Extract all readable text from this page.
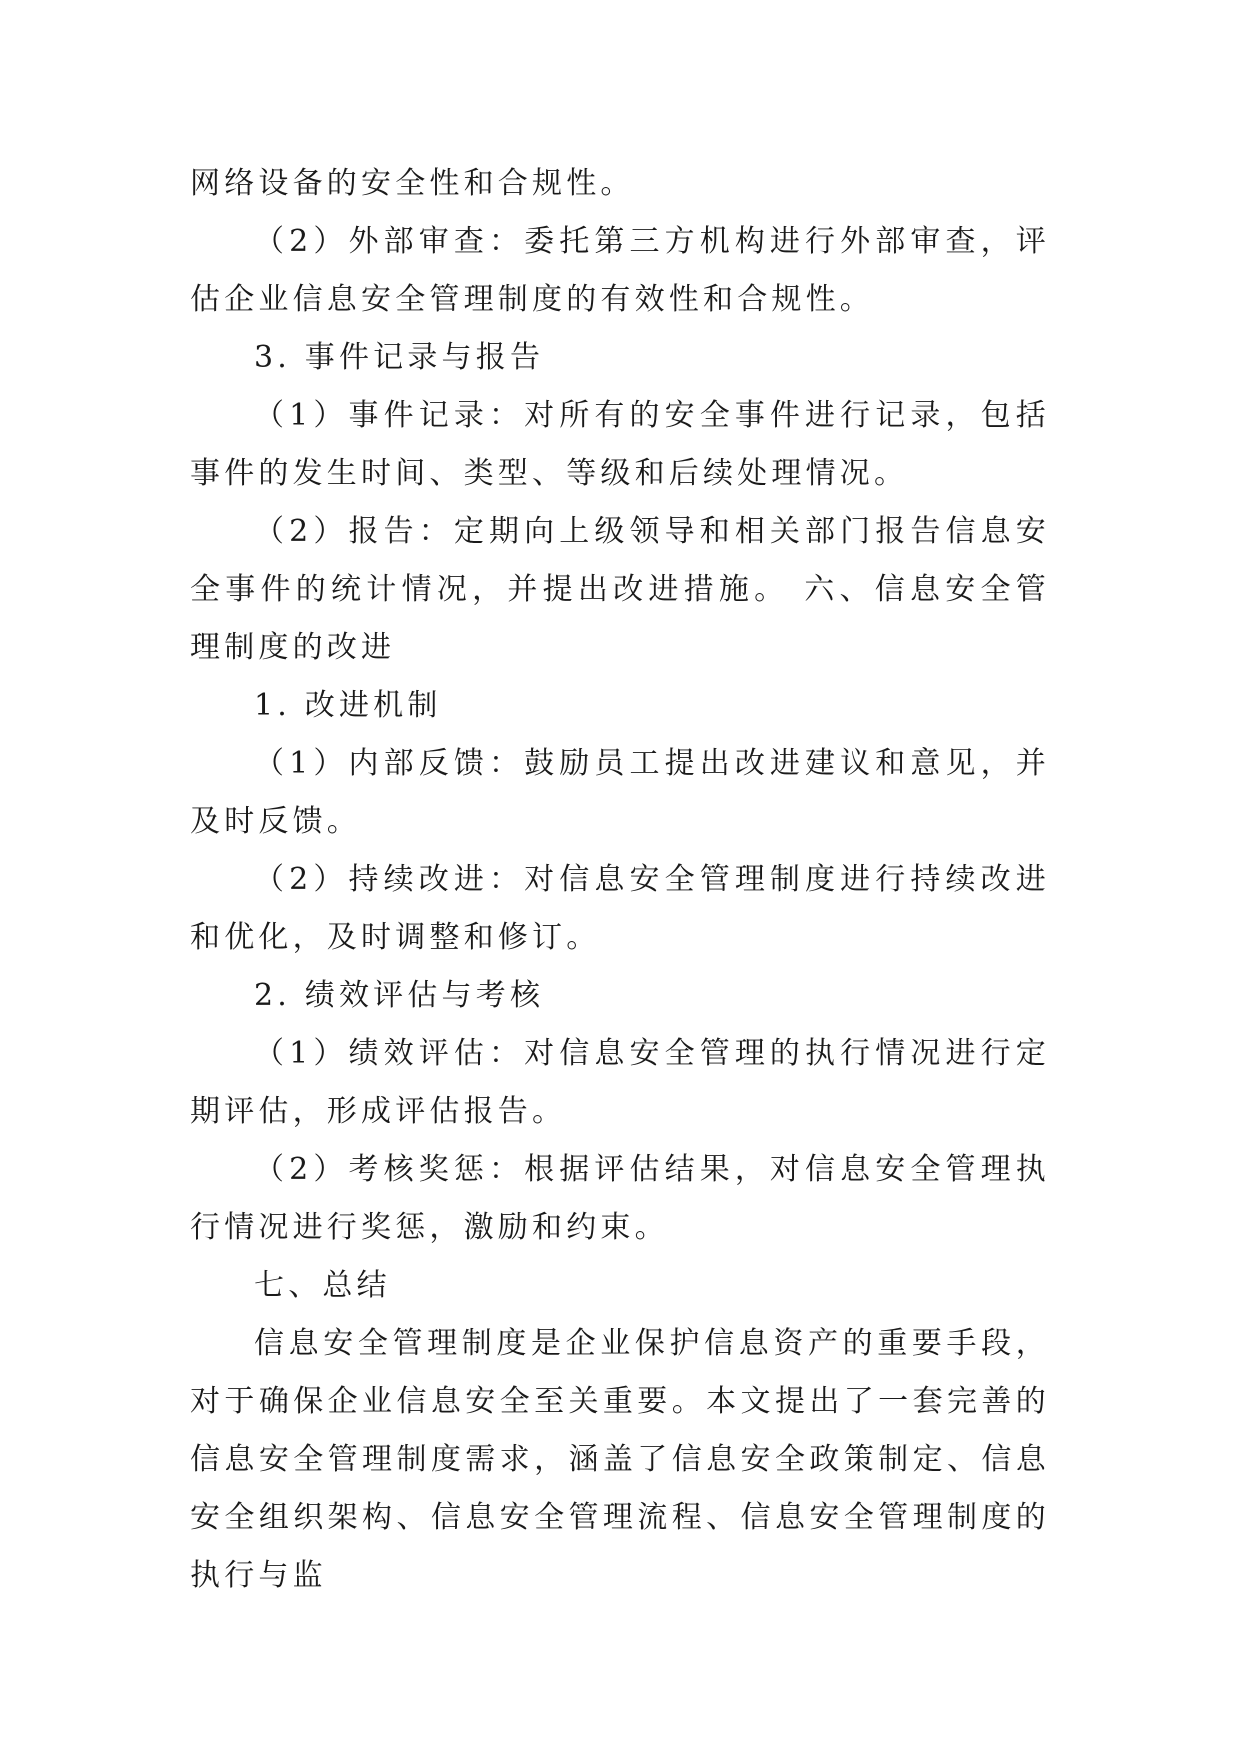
网络设备的安全性和合规性。

（2）外部审查：委托第三方机构进行外部审查，评估企业信息安全管理制度的有效性和合规性。

3. 事件记录与报告

（1）事件记录：对所有的安全事件进行记录，包括事件的发生时间、类型、等级和后续处理情况。

（2）报告：定期向上级领导和相关部门报告信息安全事件的统计情况，并提出改进措施。 六、信息安全管理制度的改进

1. 改进机制

（1）内部反馈：鼓励员工提出改进建议和意见，并及时反馈。

（2）持续改进：对信息安全管理制度进行持续改进和优化，及时调整和修订。

2. 绩效评估与考核

（1）绩效评估：对信息安全管理的执行情况进行定期评估，形成评估报告。

（2）考核奖惩：根据评估结果，对信息安全管理执行情况进行奖惩，激励和约束。

七、总结

信息安全管理制度是企业保护信息资产的重要手段，对于确保企业信息安全至关重要。本文提出了一套完善的信息安全管理制度需求，涵盖了信息安全政策制定、信息安全组织架构、信息安全管理流程、信息安全管理制度的执行与监
